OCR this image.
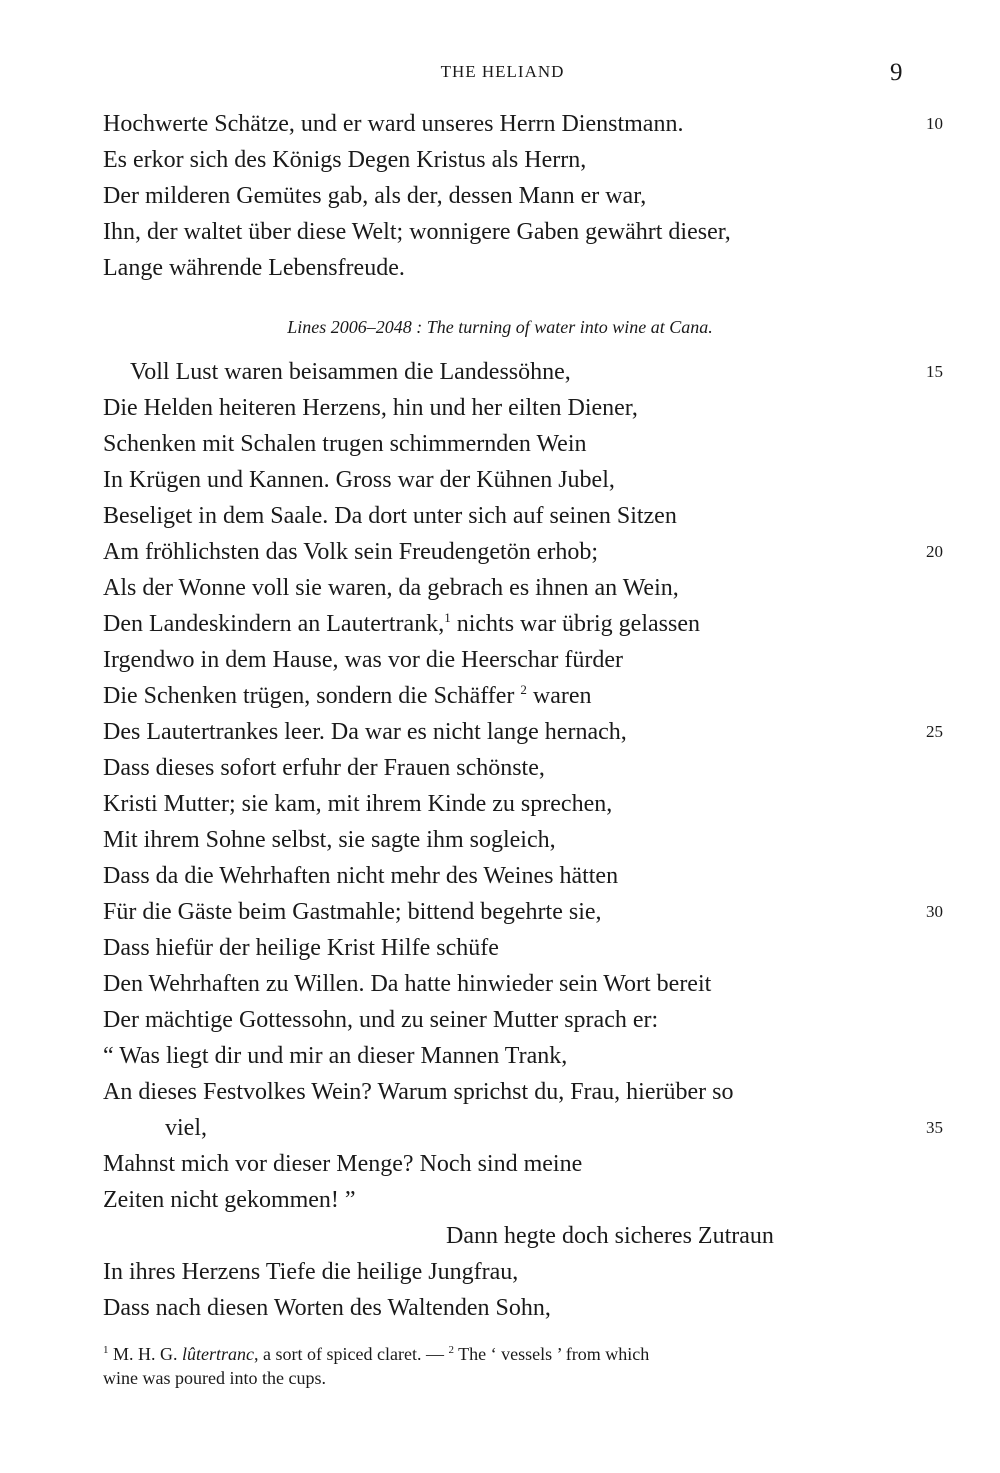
THE HELIAND	9
Hochwerte Schätze, und er ward unseres Herrn Dienstmann.	10
Es erkor sich des Königs Degen Kristus als Herrn,
Der milderen Gemütes gab, als der, dessen Mann er war,
Ihn, der waltet über diese Welt; wonnigere Gaben gewährt dieser,
Lange währende Lebensfreude.
Lines 2006–2048 : The turning of water into wine at Cana.
Voll Lust waren beisammen die Landessöhne,	15
Die Helden heiteren Herzens, hin und her eilten Diener,
Schenken mit Schalen trugen schimmernden Wein
In Krügen und Kannen. Gross war der Kühnen Jubel,
Beseliget in dem Saale. Da dort unter sich auf seinen Sitzen
Am fröhlichsten das Volk sein Freudengetön erhob;	20
Als der Wonne voll sie waren, da gebrach es ihnen an Wein,
Den Landeskindern an Lautertrank,$^1$ nichts war übrig gelassen
Irgendwo in dem Hause, was vor die Heerschar fürder
Die Schenken trügen, sondern die Schäffer $^2$ waren
Des Lautertrankes leer. Da war es nicht lange hernach,	25
Dass dieses sofort erfuhr der Frauen schönste,
Kristi Mutter; sie kam, mit ihrem Kinde zu sprechen,
Mit ihrem Sohne selbst, sie sagte ihm sogleich,
Dass da die Wehrhaften nicht mehr des Weines hätten
Für die Gäste beim Gastmahle; bittend begehrte sie,	30
Dass hiefür der heilige Krist Hilfe schüfe
Den Wehrhaften zu Willen. Da hatte hinwieder sein Wort bereit
Der mächtige Gottessohn, und zu seiner Mutter sprach er:
“ Was liegt dir und mir an dieser Mannen Trank,
An dieses Festvolkes Wein? Warum sprichst du, Frau, hierüber so
viel,	35
Mahnst mich vor dieser Menge? Noch sind meine
Zeiten nicht gekommen! ”
Dann hegte doch sicheres Zutraun
In ihres Herzens Tiefe die heilige Jungfrau,
Dass nach diesen Worten des Waltenden Sohn,
$^1$ M. H. G. lûtertranc, a sort of spiced claret. — $^2$ The ‘ vessels ’ from which
wine was poured into the cups.
